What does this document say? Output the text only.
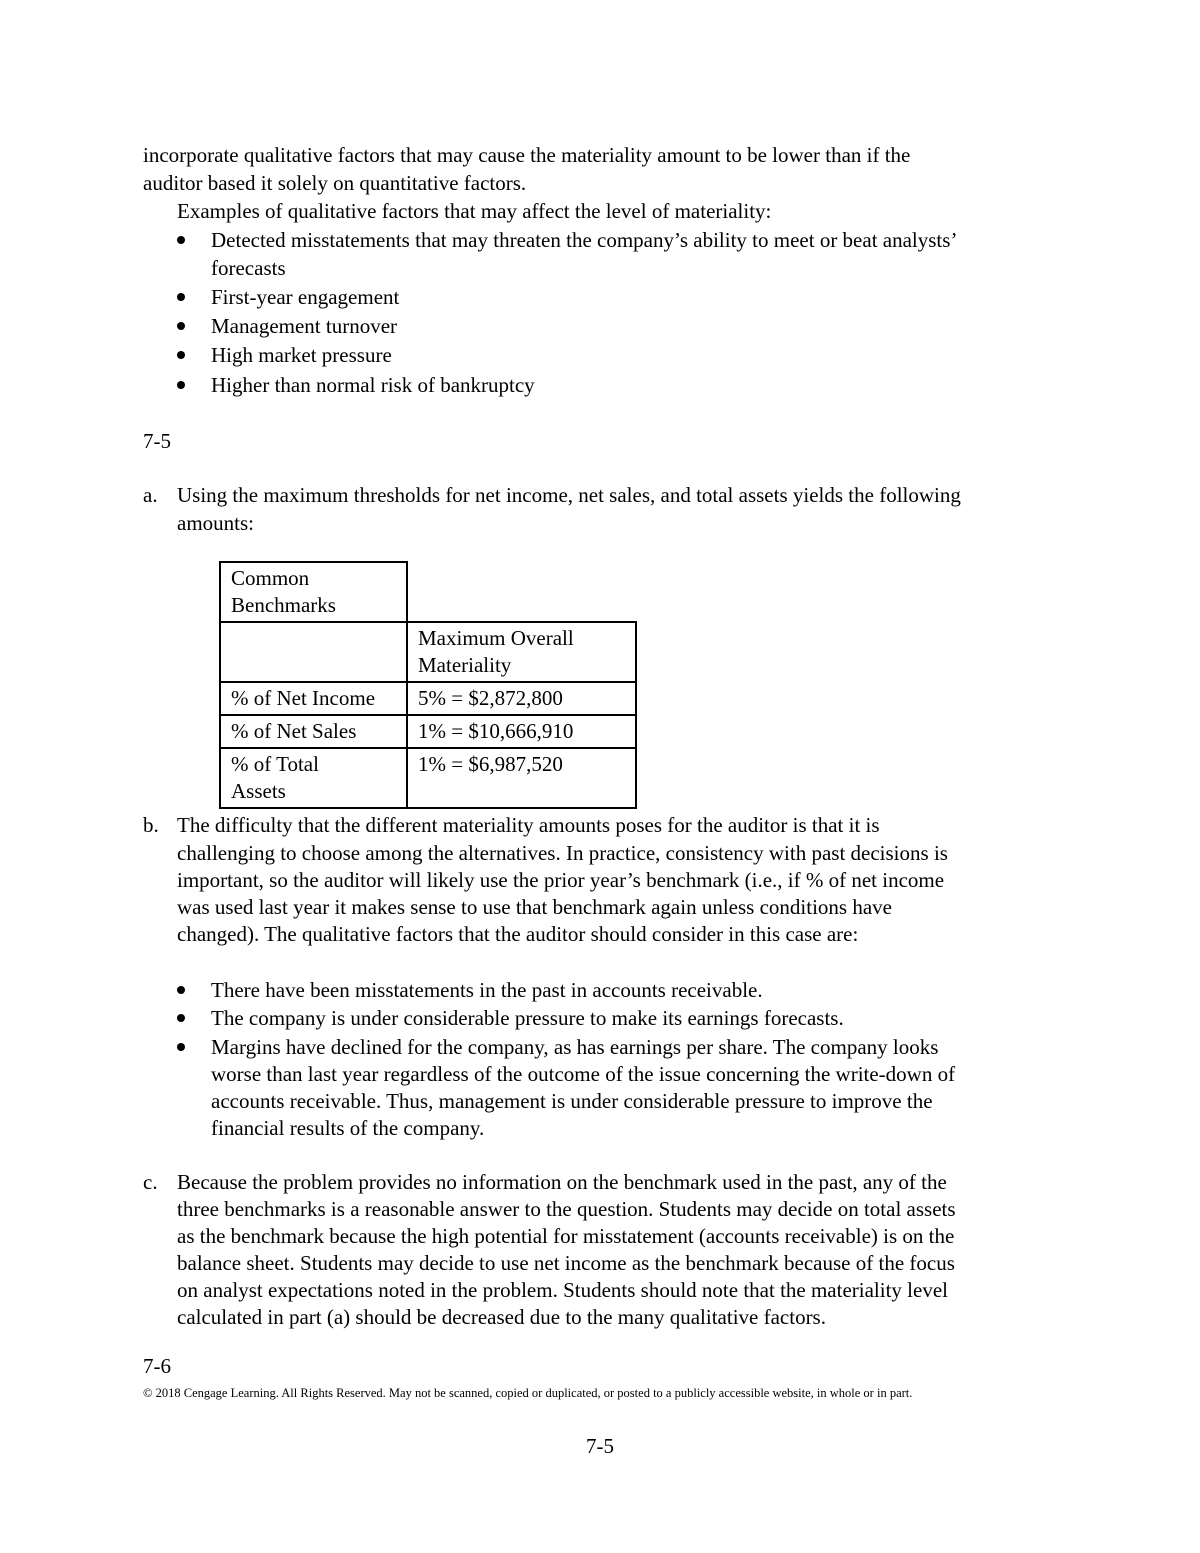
incorporate qualitative factors that may cause the materiality amount to be lower than if the
auditor based it solely on quantitative factors.
Examples of qualitative factors that may affect the level of materiality:
Detected misstatements that may threaten the company’s ability to meet or beat analysts’
forecasts
First-year engagement
Management turnover
High market pressure
Higher than normal risk of bankruptcy
7-5
a. Using the maximum thresholds for net income, net sales, and total assets yields the following
amounts:
Common
Benchmarks	

	Maximum Overall
Materiality

% of Net Income	5% = $2,872,800

% of Net Sales	1% = $10,666,910

% of Total
Assets	1% = $6,987,520
b. The difficulty that the different materiality amounts poses for the auditor is that it is
challenging to choose among the alternatives. In practice, consistency with past decisions is
important, so the auditor will likely use the prior year’s benchmark (i.e., if % of net income
was used last year it makes sense to use that benchmark again unless conditions have
changed). The qualitative factors that the auditor should consider in this case are:
There have been misstatements in the past in accounts receivable.
The company is under considerable pressure to make its earnings forecasts.
Margins have declined for the company, as has earnings per share. The company looks
worse than last year regardless of the outcome of the issue concerning the write-down of
accounts receivable. Thus, management is under considerable pressure to improve the
financial results of the company.
c. Because the problem provides no information on the benchmark used in the past, any of the
three benchmarks is a reasonable answer to the question. Students may decide on total assets
as the benchmark because the high potential for misstatement (accounts receivable) is on the
balance sheet. Students may decide to use net income as the benchmark because of the focus
on analyst expectations noted in the problem. Students should note that the materiality level
calculated in part (a) should be decreased due to the many qualitative factors.
7-6
© 2018 Cengage Learning. All Rights Reserved. May not be scanned, copied or duplicated, or posted to a publicly accessible website, in whole or in part.
7-5
